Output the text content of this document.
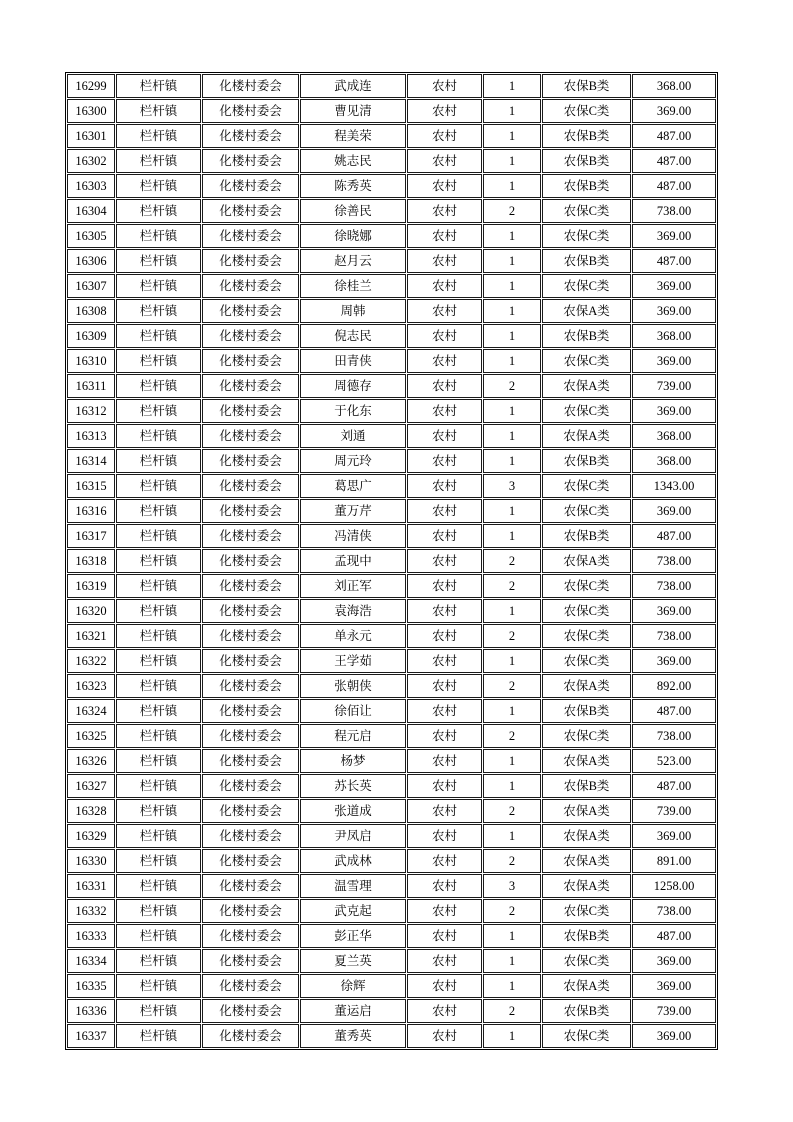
16299	栏杆镇	化楼村委会	武成连	农村	1	农保B类	368.00
16300	栏杆镇	化楼村委会	曹见清	农村	1	农保C类	369.00
16301	栏杆镇	化楼村委会	程美荣	农村	1	农保B类	487.00
16302	栏杆镇	化楼村委会	姚志民	农村	1	农保B类	487.00
16303	栏杆镇	化楼村委会	陈秀英	农村	1	农保B类	487.00
16304	栏杆镇	化楼村委会	徐善民	农村	2	农保C类	738.00
16305	栏杆镇	化楼村委会	徐晓娜	农村	1	农保C类	369.00
16306	栏杆镇	化楼村委会	赵月云	农村	1	农保B类	487.00
16307	栏杆镇	化楼村委会	徐桂兰	农村	1	农保C类	369.00
16308	栏杆镇	化楼村委会	周韩	农村	1	农保A类	369.00
16309	栏杆镇	化楼村委会	倪志民	农村	1	农保B类	368.00
16310	栏杆镇	化楼村委会	田青侠	农村	1	农保C类	369.00
16311	栏杆镇	化楼村委会	周德存	农村	2	农保A类	739.00
16312	栏杆镇	化楼村委会	于化东	农村	1	农保C类	369.00
16313	栏杆镇	化楼村委会	刘通	农村	1	农保A类	368.00
16314	栏杆镇	化楼村委会	周元玲	农村	1	农保B类	368.00
16315	栏杆镇	化楼村委会	葛思广	农村	3	农保C类	1343.00
16316	栏杆镇	化楼村委会	董万芹	农村	1	农保C类	369.00
16317	栏杆镇	化楼村委会	冯清侠	农村	1	农保B类	487.00
16318	栏杆镇	化楼村委会	孟现中	农村	2	农保A类	738.00
16319	栏杆镇	化楼村委会	刘正军	农村	2	农保C类	738.00
16320	栏杆镇	化楼村委会	袁海浩	农村	1	农保C类	369.00
16321	栏杆镇	化楼村委会	单永元	农村	2	农保C类	738.00
16322	栏杆镇	化楼村委会	王学茹	农村	1	农保C类	369.00
16323	栏杆镇	化楼村委会	张朝侠	农村	2	农保A类	892.00
16324	栏杆镇	化楼村委会	徐佰让	农村	1	农保B类	487.00
16325	栏杆镇	化楼村委会	程元启	农村	2	农保C类	738.00
16326	栏杆镇	化楼村委会	杨梦	农村	1	农保A类	523.00
16327	栏杆镇	化楼村委会	苏长英	农村	1	农保B类	487.00
16328	栏杆镇	化楼村委会	张道成	农村	2	农保A类	739.00
16329	栏杆镇	化楼村委会	尹凤启	农村	1	农保A类	369.00
16330	栏杆镇	化楼村委会	武成林	农村	2	农保A类	891.00
16331	栏杆镇	化楼村委会	温雪理	农村	3	农保A类	1258.00
16332	栏杆镇	化楼村委会	武克起	农村	2	农保C类	738.00
16333	栏杆镇	化楼村委会	彭正华	农村	1	农保B类	487.00
16334	栏杆镇	化楼村委会	夏兰英	农村	1	农保C类	369.00
16335	栏杆镇	化楼村委会	徐辉	农村	1	农保A类	369.00
16336	栏杆镇	化楼村委会	董运启	农村	2	农保B类	739.00
16337	栏杆镇	化楼村委会	董秀英	农村	1	农保C类	369.00
